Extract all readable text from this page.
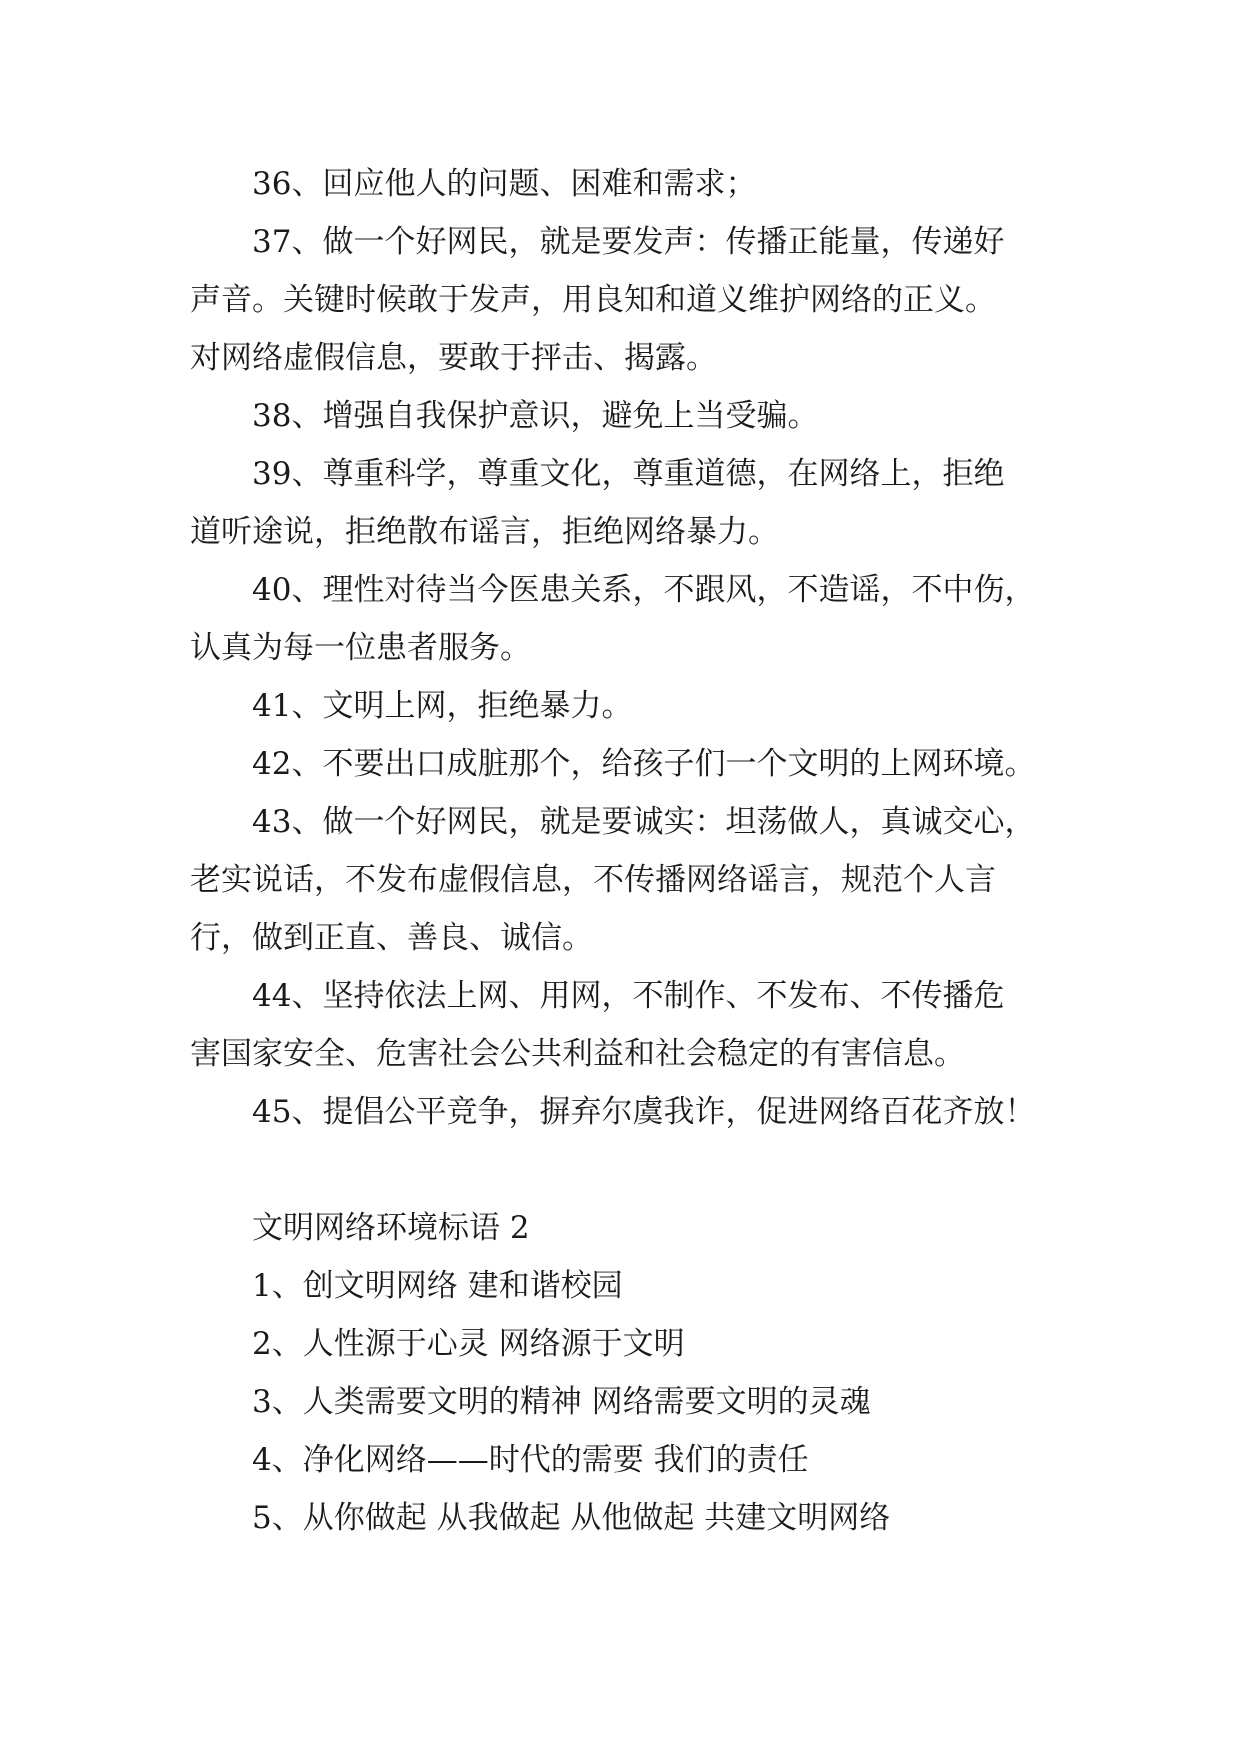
36、回应他人的问题、困难和需求；
37、做一个好网民，就是要发声：传播正能量，传递好
声音。关键时候敢于发声，用良知和道义维护网络的正义。
对网络虚假信息，要敢于抨击、揭露。
38、增强自我保护意识，避免上当受骗。
39、尊重科学，尊重文化，尊重道德，在网络上，拒绝
道听途说，拒绝散布谣言，拒绝网络暴力。
40、理性对待当今医患关系，不跟风，不造谣，不中伤，
认真为每一位患者服务。
41、文明上网，拒绝暴力。
42、不要出口成脏那个，给孩子们一个文明的上网环境。
43、做一个好网民，就是要诚实：坦荡做人，真诚交心，
老实说话，不发布虚假信息，不传播网络谣言，规范个人言
行，做到正直、善良、诚信。
44、坚持依法上网、用网，不制作、不发布、不传播危
害国家安全、危害社会公共利益和社会稳定的有害信息。
45、提倡公平竞争，摒弃尔虞我诈，促进网络百花齐放！
文明网络环境标语 2
1、创文明网络 建和谐校园
2、人性源于心灵 网络源于文明
3、人类需要文明的精神 网络需要文明的灵魂
4、净化网络——时代的需要 我们的责任
5、从你做起 从我做起 从他做起 共建文明网络
